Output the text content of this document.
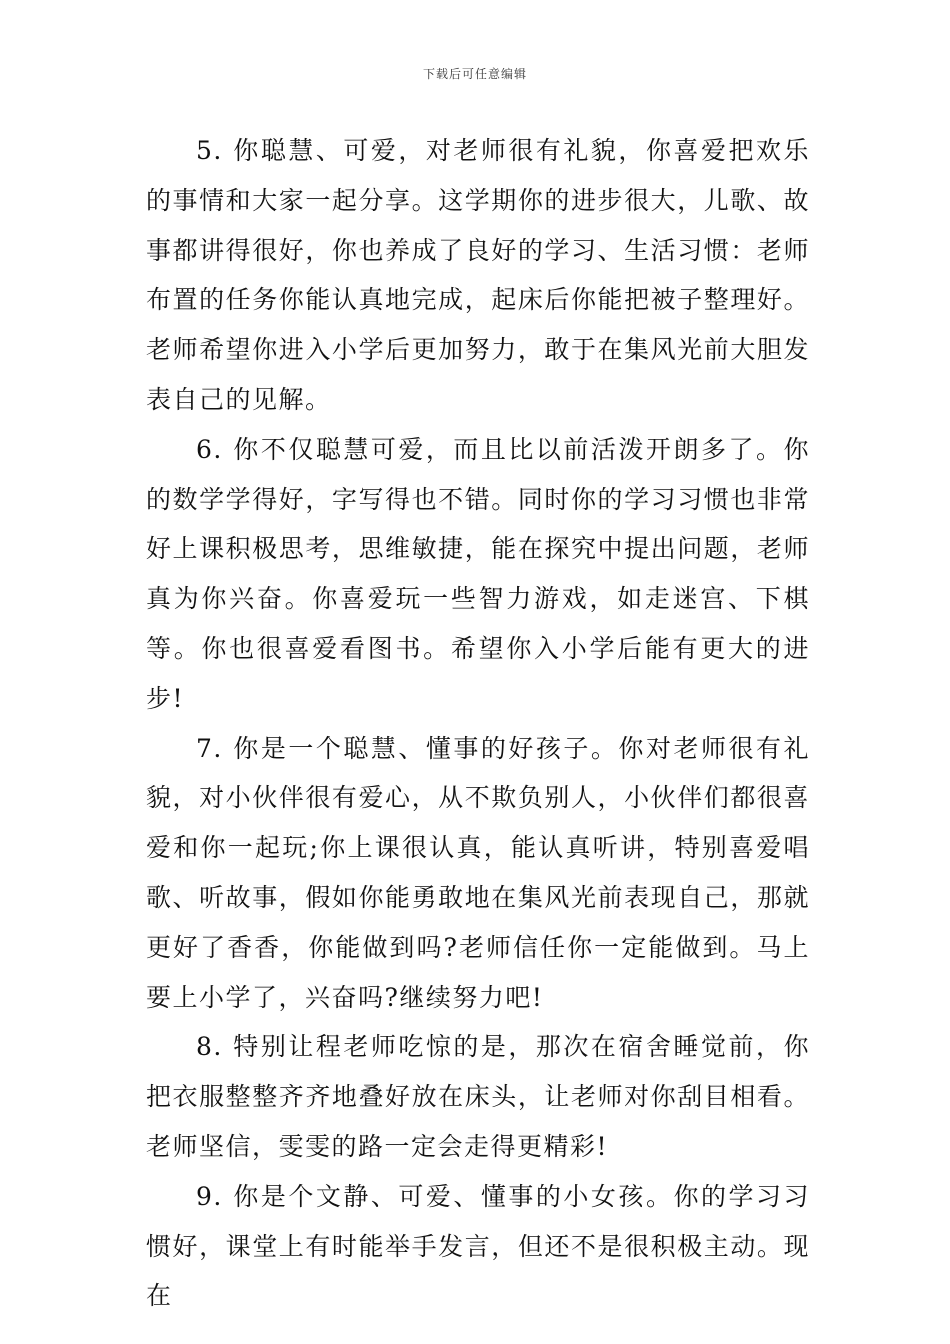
下载后可任意编辑

5. 你聪慧、可爱，对老师很有礼貌，你喜爱把欢乐的事情和大家一起分享。这学期你的进步很大，儿歌、故事都讲得很好，你也养成了良好的学习、生活习惯：老师布置的任务你能认真地完成，起床后你能把被子整理好。老师希望你进入小学后更加努力，敢于在集风光前大胆发表自己的见解。

6. 你不仅聪慧可爱，而且比以前活泼开朗多了。你的数学学得好，字写得也不错。同时你的学习习惯也非常好上课积极思考，思维敏捷，能在探究中提出问题，老师真为你兴奋。你喜爱玩一些智力游戏，如走迷宫、下棋等。你也很喜爱看图书。希望你入小学后能有更大的进步!

7. 你是一个聪慧、懂事的好孩子。你对老师很有礼貌，对小伙伴很有爱心，从不欺负别人，小伙伴们都很喜爱和你一起玩;你上课很认真，能认真听讲，特别喜爱唱歌、听故事，假如你能勇敢地在集风光前表现自己，那就更好了香香，你能做到吗?老师信任你一定能做到。马上要上小学了，兴奋吗?继续努力吧!

8. 特别让程老师吃惊的是，那次在宿舍睡觉前，你把衣服整整齐齐地叠好放在床头，让老师对你刮目相看。老师坚信，雯雯的路一定会走得更精彩!

9. 你是个文静、可爱、懂事的小女孩。你的学习习惯好，课堂上有时能举手发言，但还不是很积极主动。现在
